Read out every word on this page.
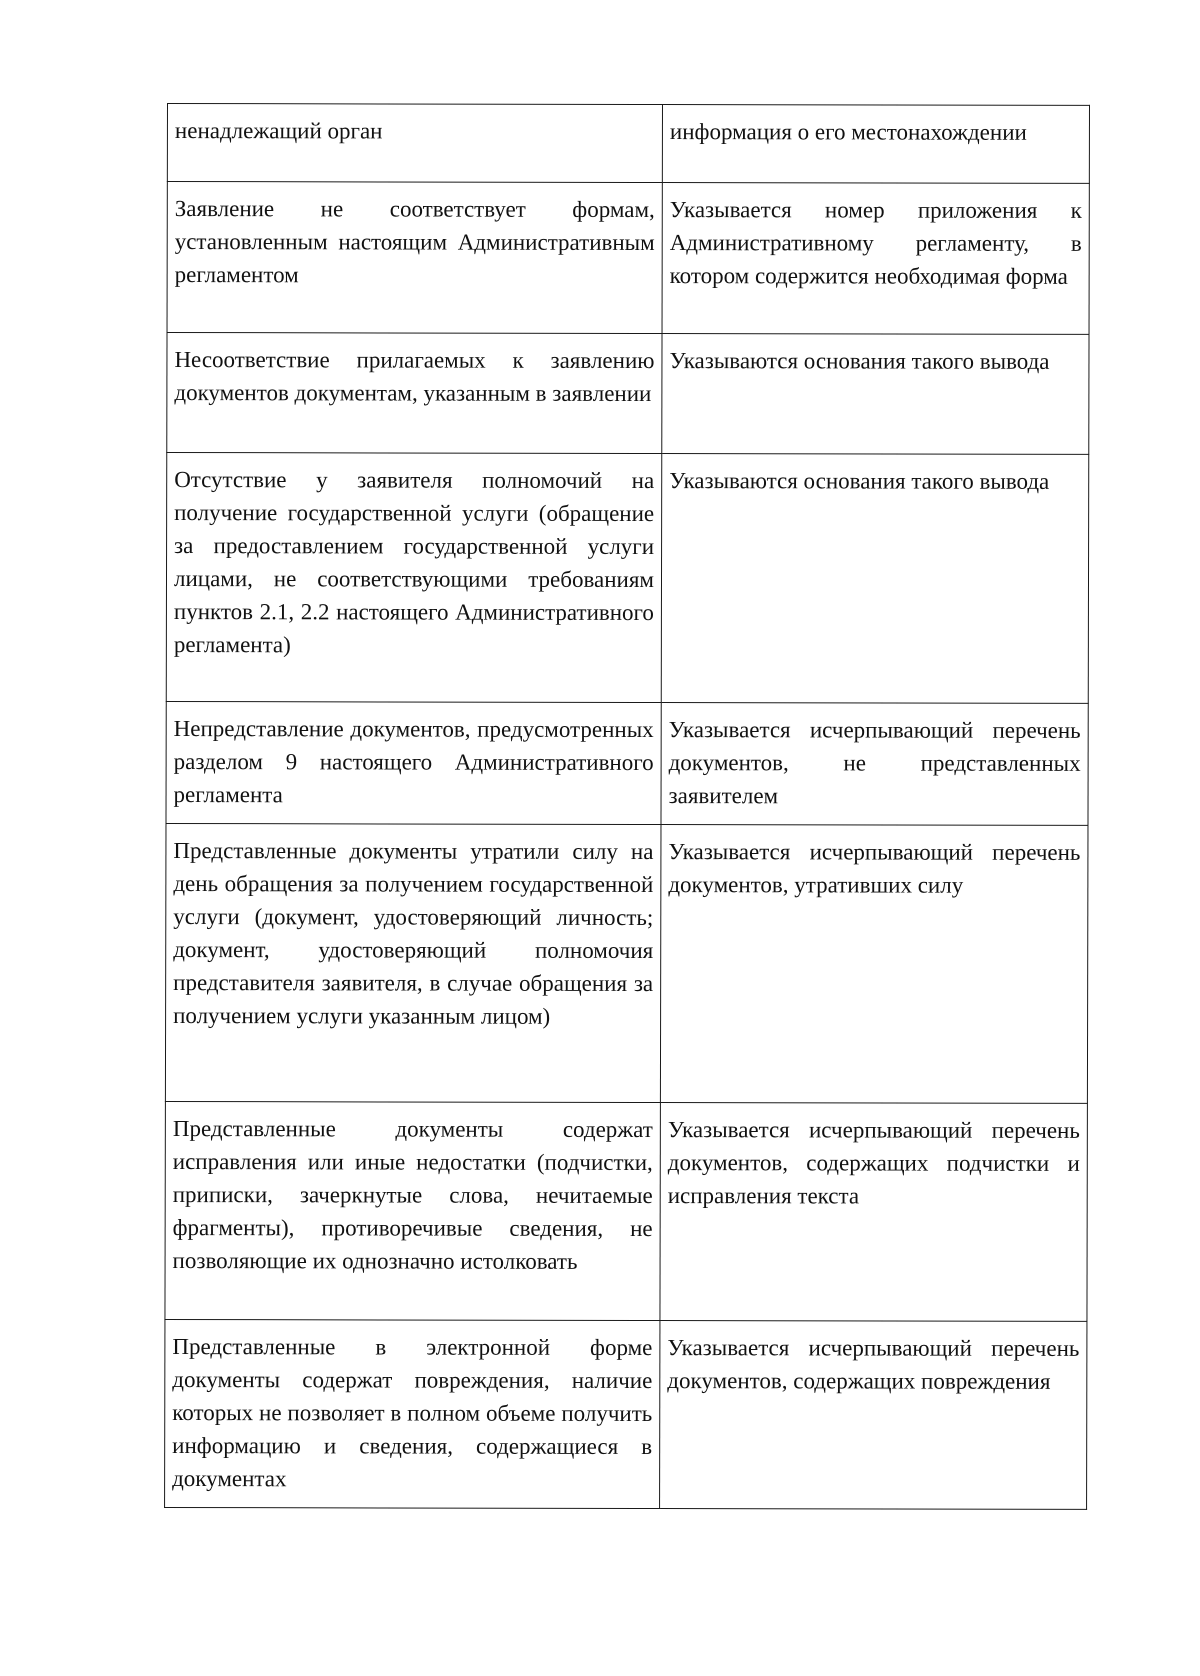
ненадлежащий орган	информация о его местонахождении

Заявление не соответствует формам, установленным настоящим Административным регламентом	Указывается номер приложения к Административному регламенту, в котором содержится необходимая форма

Несоответствие прилагаемых к заявлению документов документам, указанным в заявлении	Указываются основания такого вывода

Отсутствие у заявителя полномочий на получение государственной услуги (обращение за предоставлением государственной услуги лицами, не соответствующими требованиям пунктов 2.1, 2.2 настоящего Административного регламента)	Указываются основания такого вывода

Непредставление документов, предусмотренных разделом 9 настоящего Административного регламента	Указывается исчерпывающий перечень документов, не представленных заявителем

Представленные документы утратили силу на день обращения за получением государственной услуги (документ, удостоверяющий личность; документ, удостоверяющий полномочия представителя заявителя, в случае обращения за получением услуги указанным лицом)	Указывается исчерпывающий перечень документов, утративших силу

Представленные документы содержат исправления или иные недостатки (подчистки, приписки, зачеркнутые слова, нечитаемые фрагменты), противоречивые сведения, не позволяющие их однозначно истолковать	Указывается исчерпывающий перечень документов, содержащих подчистки и исправления текста

Представленные в электронной форме документы содержат повреждения, наличие которых не позволяет в полном объеме получить информацию и сведения, содержащиеся в документах	Указывается исчерпывающий перечень документов, содержащих повреждения
